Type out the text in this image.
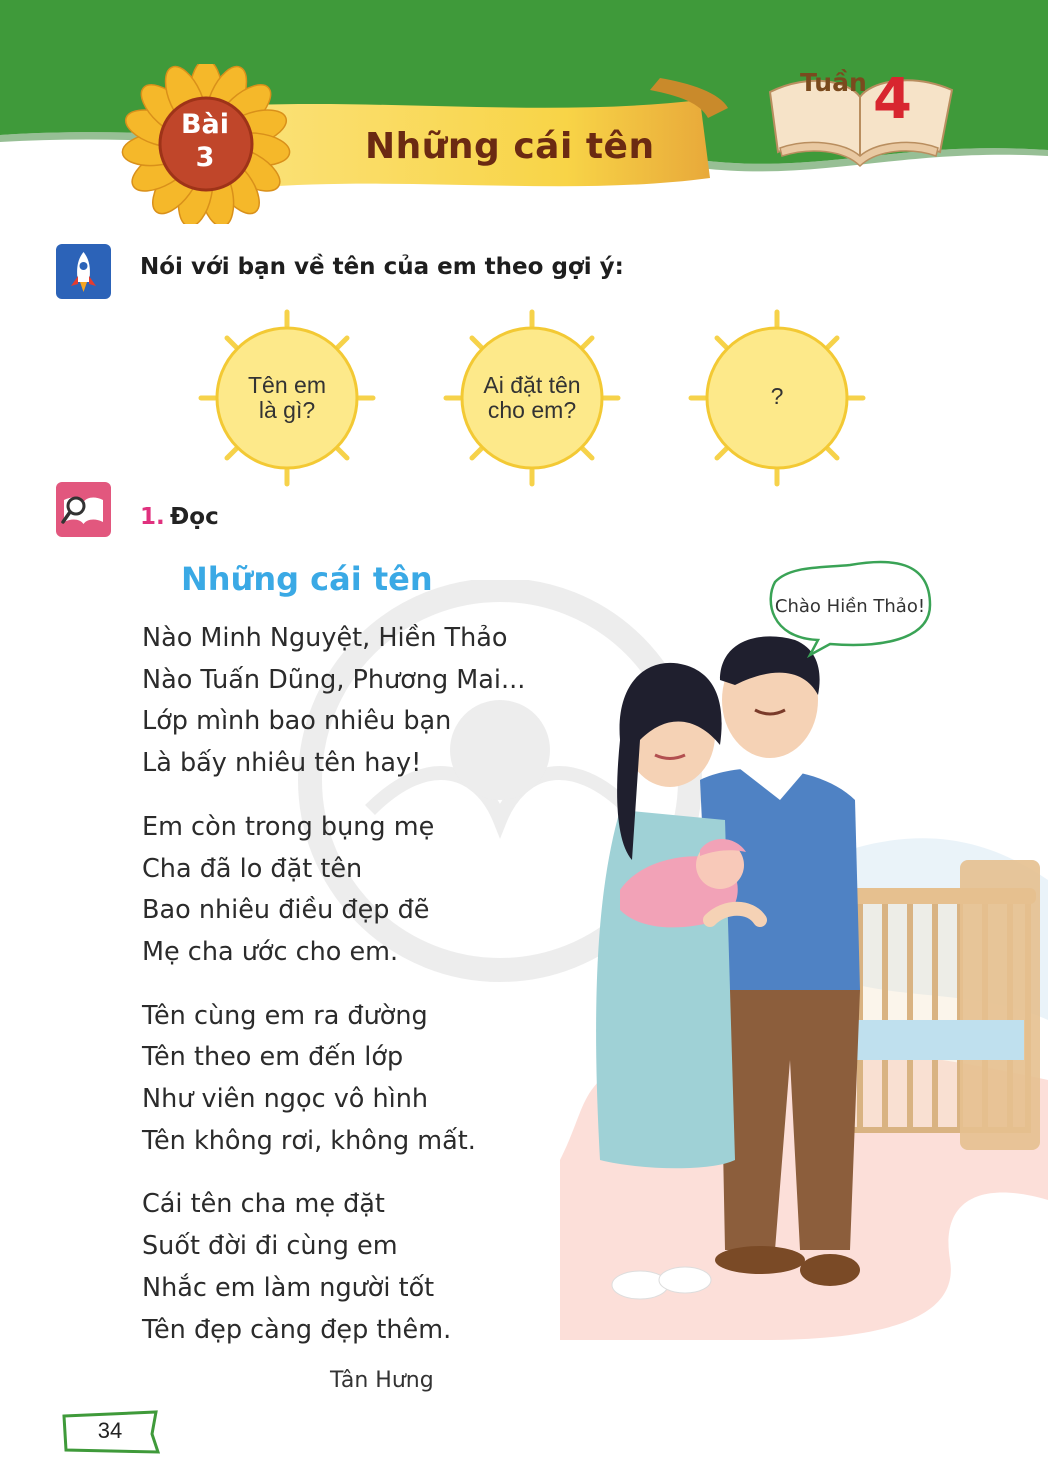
Bài
3	Những cái tên
Tuần 4
Nói với bạn về tên của em theo gợi ý:
Tên em
là gì?
Ai đặt tên
cho em?
?
1. Đọc
Những cái tên
Nào Minh Nguyệt, Hiền Thảo
Nào Tuấn Dũng, Phương Mai...
Lớp mình bao nhiêu bạn
Là bấy nhiêu tên hay!
Em còn trong bụng mẹ
Cha đã lo đặt tên
Bao nhiêu điều đẹp đẽ
Mẹ cha ước cho em.
Tên cùng em ra đường
Tên theo em đến lớp
Như viên ngọc vô hình
Tên không rơi, không mất.
Cái tên cha mẹ đặt
Suốt đời đi cùng em
Nhắc em làm người tốt
Tên đẹp càng đẹp thêm.
Tân Hưng
Chào Hiền Thảo!
34
